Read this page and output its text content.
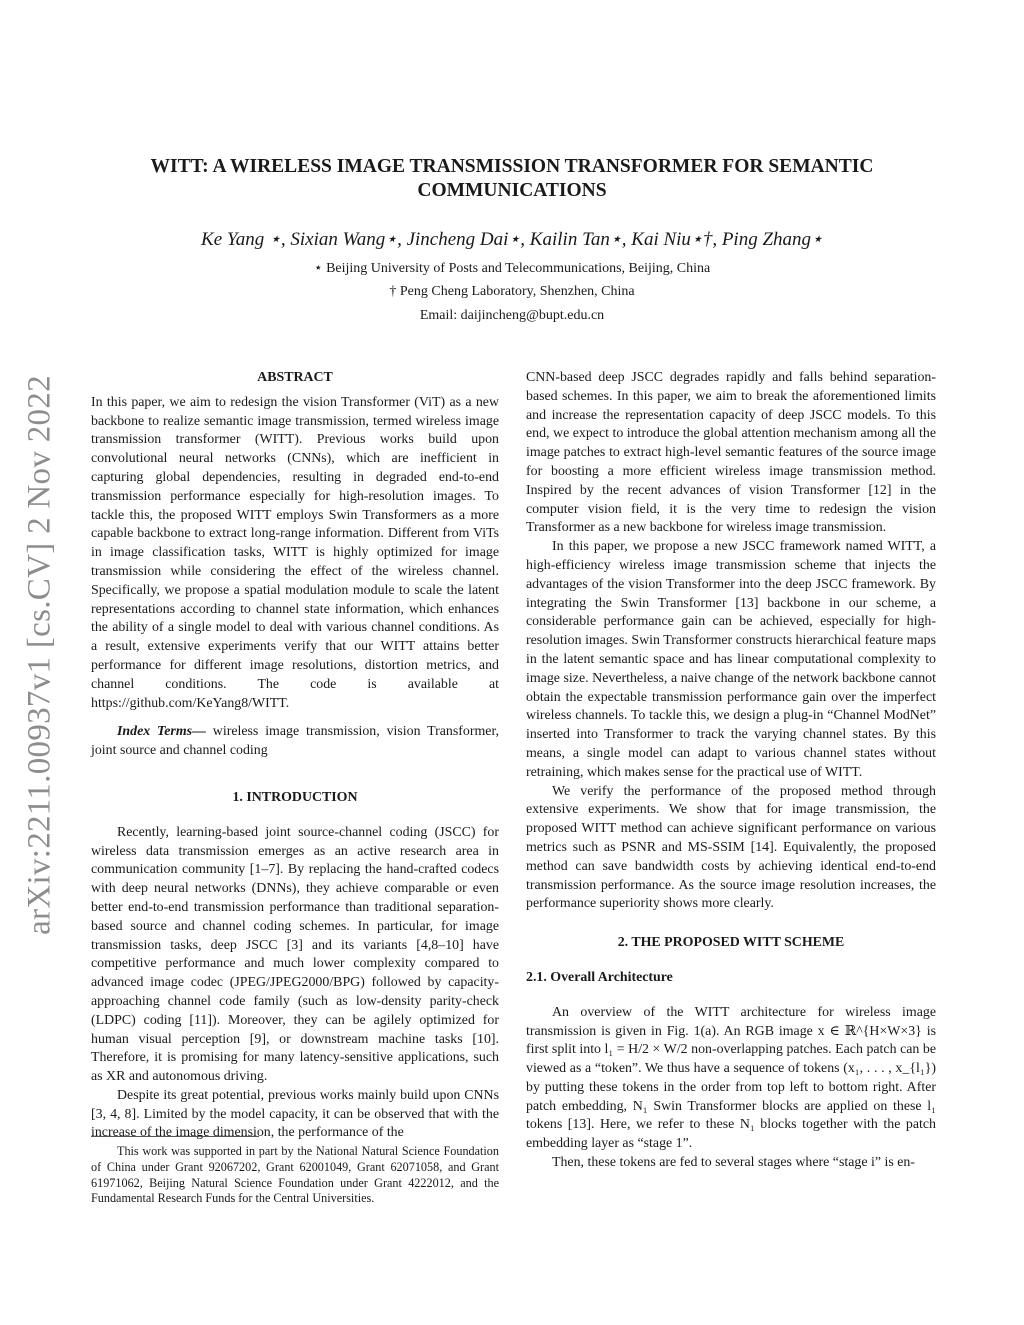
arXiv:2211.00937v1 [cs.CV] 2 Nov 2022
WITT: A WIRELESS IMAGE TRANSMISSION TRANSFORMER FOR SEMANTIC
COMMUNICATIONS
Ke Yang ⋆, Sixian Wang⋆, Jincheng Dai⋆, Kailin Tan⋆, Kai Niu⋆†, Ping Zhang⋆
⋆ Beijing University of Posts and Telecommunications, Beijing, China
† Peng Cheng Laboratory, Shenzhen, China
Email: daijincheng@bupt.edu.cn
ABSTRACT

In this paper, we aim to redesign the vision Transformer (ViT) as a new backbone to realize semantic image transmission, termed wireless image transmission transformer (WITT). Previous works build upon convolutional neural networks (CNNs), which are inefficient in capturing global dependencies, resulting in degraded end-to-end transmission performance especially for high-resolution images. To tackle this, the proposed WITT employs Swin Transformers as a more capable backbone to extract long-range information. Different from ViTs in image classification tasks, WITT is highly optimized for image transmission while considering the effect of the wireless channel. Specifically, we propose a spatial modulation module to scale the latent representations according to channel state information, which enhances the ability of a single model to deal with various channel conditions. As a result, extensive experiments verify that our WITT attains better performance for different image resolutions, distortion metrics, and channel conditions. The code is available at https://github.com/KeYang8/WITT.

Index Terms— wireless image transmission, vision Transformer, joint source and channel coding

1. INTRODUCTION

Recently, learning-based joint source-channel coding (JSCC) for wireless data transmission emerges as an active research area in communication community [1–7]. By replacing the hand-crafted codecs with deep neural networks (DNNs), they achieve comparable or even better end-to-end transmission performance than traditional separation-based source and channel coding schemes. In particular, for image transmission tasks, deep JSCC [3] and its variants [4,8–10] have competitive performance and much lower complexity compared to advanced image codec (JPEG/JPEG2000/BPG) followed by capacity-approaching channel code family (such as low-density parity-check (LDPC) coding [11]). Moreover, they can be agilely optimized for human visual perception [9], or downstream machine tasks [10]. Therefore, it is promising for many latency-sensitive applications, such as XR and autonomous driving.

Despite its great potential, previous works mainly build upon CNNs [3, 4, 8]. Limited by the model capacity, it can be observed that with the increase of the image dimension, the performance of the

This work was supported in part by the National Natural Science Foundation of China under Grant 92067202, Grant 62001049, Grant 62071058, and Grant 61971062, Beijing Natural Science Foundation under Grant 4222012, and the Fundamental Research Funds for the Central Universities.

CNN-based deep JSCC degrades rapidly and falls behind separation-based schemes. In this paper, we aim to break the aforementioned limits and increase the representation capacity of deep JSCC models. To this end, we expect to introduce the global attention mechanism among all the image patches to extract high-level semantic features of the source image for boosting a more efficient wireless image transmission method. Inspired by the recent advances of vision Transformer [12] in the computer vision field, it is the very time to redesign the vision Transformer as a new backbone for wireless image transmission.

In this paper, we propose a new JSCC framework named WITT, a high-efficiency wireless image transmission scheme that injects the advantages of the vision Transformer into the deep JSCC framework. By integrating the Swin Transformer [13] backbone in our scheme, a considerable performance gain can be achieved, especially for high-resolution images. Swin Transformer constructs hierarchical feature maps in the latent semantic space and has linear computational complexity to image size. Nevertheless, a naive change of the network backbone cannot obtain the expectable transmission performance gain over the imperfect wireless channels. To tackle this, we design a plug-in “Channel ModNet” inserted into Transformer to track the varying channel states. By this means, a single model can adapt to various channel states without retraining, which makes sense for the practical use of WITT.

We verify the performance of the proposed method through extensive experiments. We show that for image transmission, the proposed WITT method can achieve significant performance on various metrics such as PSNR and MS-SSIM [14]. Equivalently, the proposed method can save bandwidth costs by achieving identical end-to-end transmission performance. As the source image resolution increases, the performance superiority shows more clearly.

2. THE PROPOSED WITT SCHEME
2.1. Overall Architecture

An overview of the WITT architecture for wireless image transmission is given in Fig. 1(a). An RGB image x ∈ ℝ^{H×W×3} is first split into l₁ = H/2 × W/2 non-overlapping patches. Each patch can be viewed as a “token”. We thus have a sequence of tokens (x₁, . . . , x_{l₁}) by putting these tokens in the order from top left to bottom right. After patch embedding, N₁ Swin Transformer blocks are applied on these l₁ tokens [13]. Here, we refer to these N₁ blocks together with the patch embedding layer as “stage 1”.

Then, these tokens are fed to several stages where “stage i” is en-
